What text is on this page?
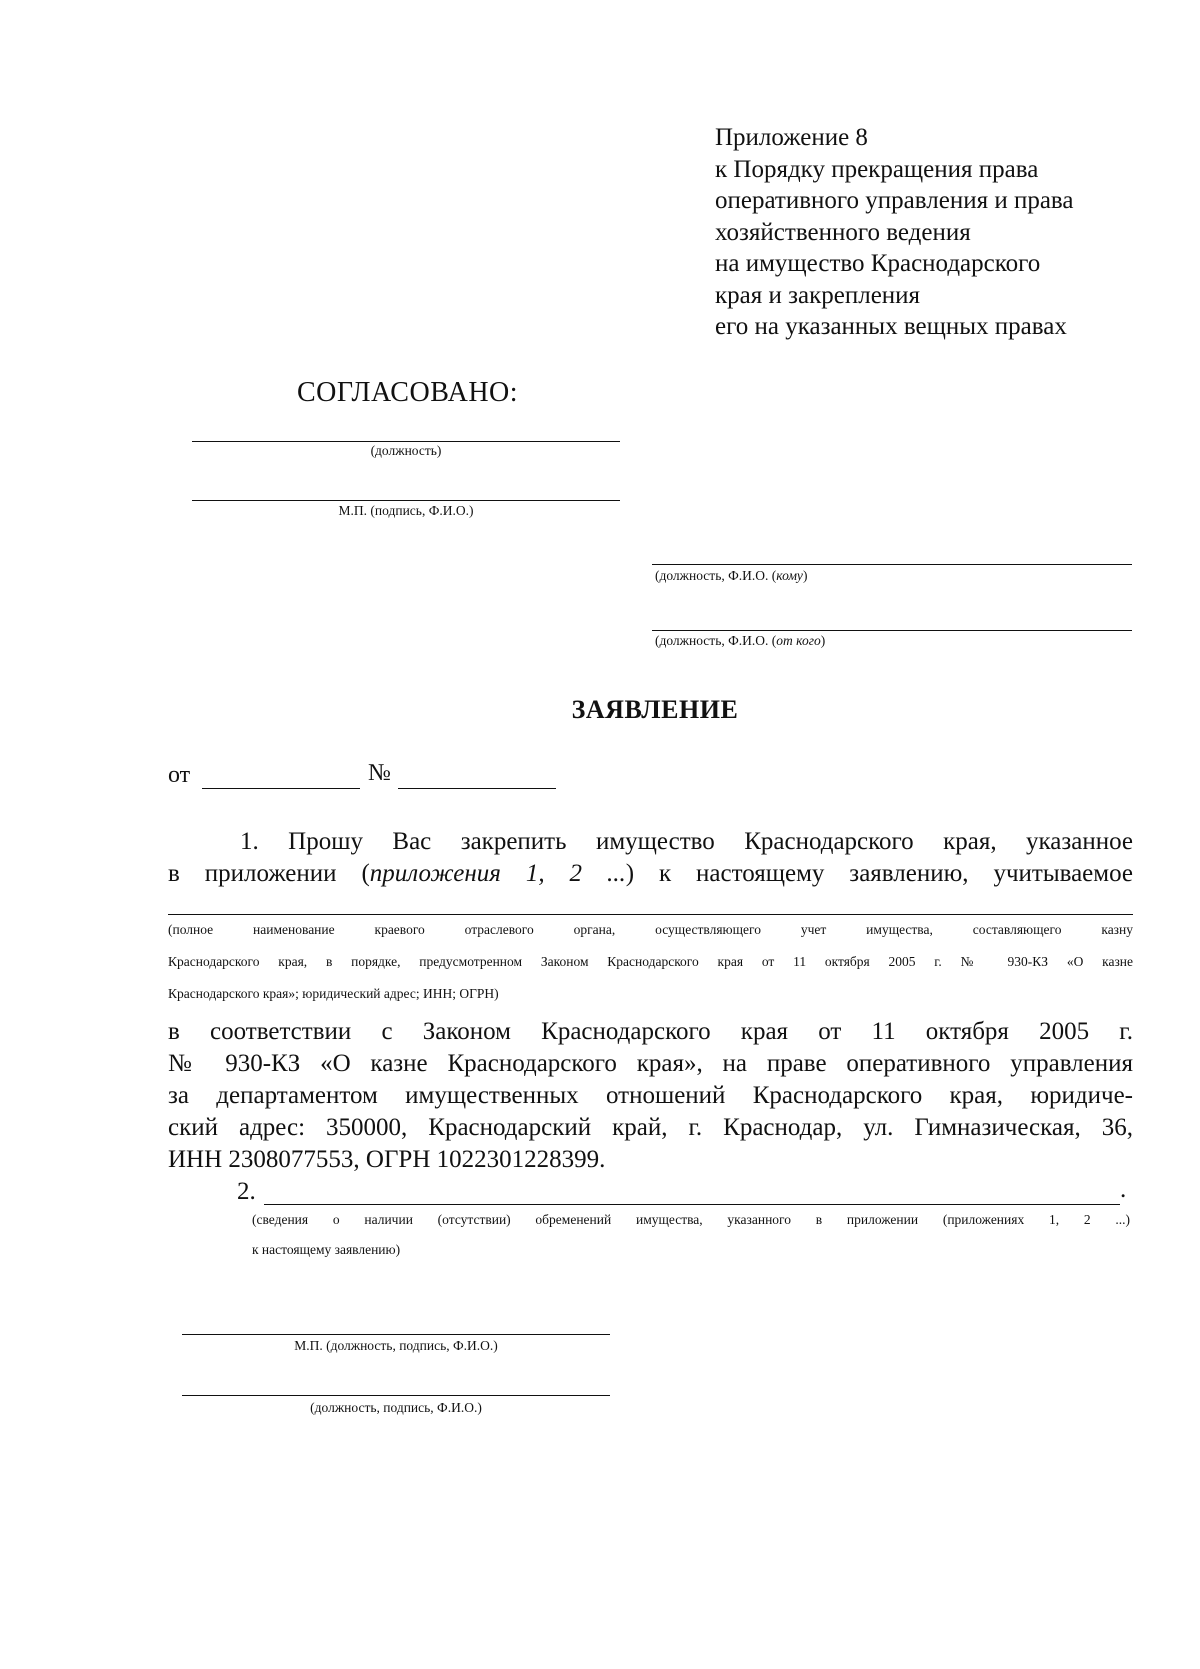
Приложение 8
к Порядку прекращения права
оперативного управления и права
хозяйственного ведения
на имущество Краснодарского
края и закрепления
его на указанных вещных правах
СОГЛАСОВАНО:
(должность)
М.П. (подпись, Ф.И.О.)
(должность, Ф.И.О. (кому)
(должность, Ф.И.О. (от кого)
ЗАЯВЛЕНИЕ
от	№
1. Прошу Вас закрепить имущество Краснодарского края, указанное
в приложении (приложения 1, 2 ...) к настоящему заявлению, учитываемое
(полное наименование краевого отраслевого органа, осуществляющего учет имущества, составляющего казну
Краснодарского края, в порядке, предусмотренном Законом Краснодарского края от 11 октября 2005 г. № 930-КЗ «О казне
Краснодарского края»; юридический адрес; ИНН; ОГРН)
в соответствии с Законом Краснодарского края от 11 октября 2005 г.
№ 930-КЗ «О казне Краснодарского края», на праве оперативного управления
за департаментом имущественных отношений Краснодарского края, юридиче-
ский адрес: 350000, Краснодарский край, г. Краснодар, ул. Гимназическая, 36,
ИНН 2308077553, ОГРН 1022301228399.
2.	.
(сведения о наличии (отсутствии) обременений имущества, указанного в приложении (приложениях 1, 2 ...)
к настоящему заявлению)
М.П. (должность, подпись, Ф.И.О.)
(должность, подпись, Ф.И.О.)
